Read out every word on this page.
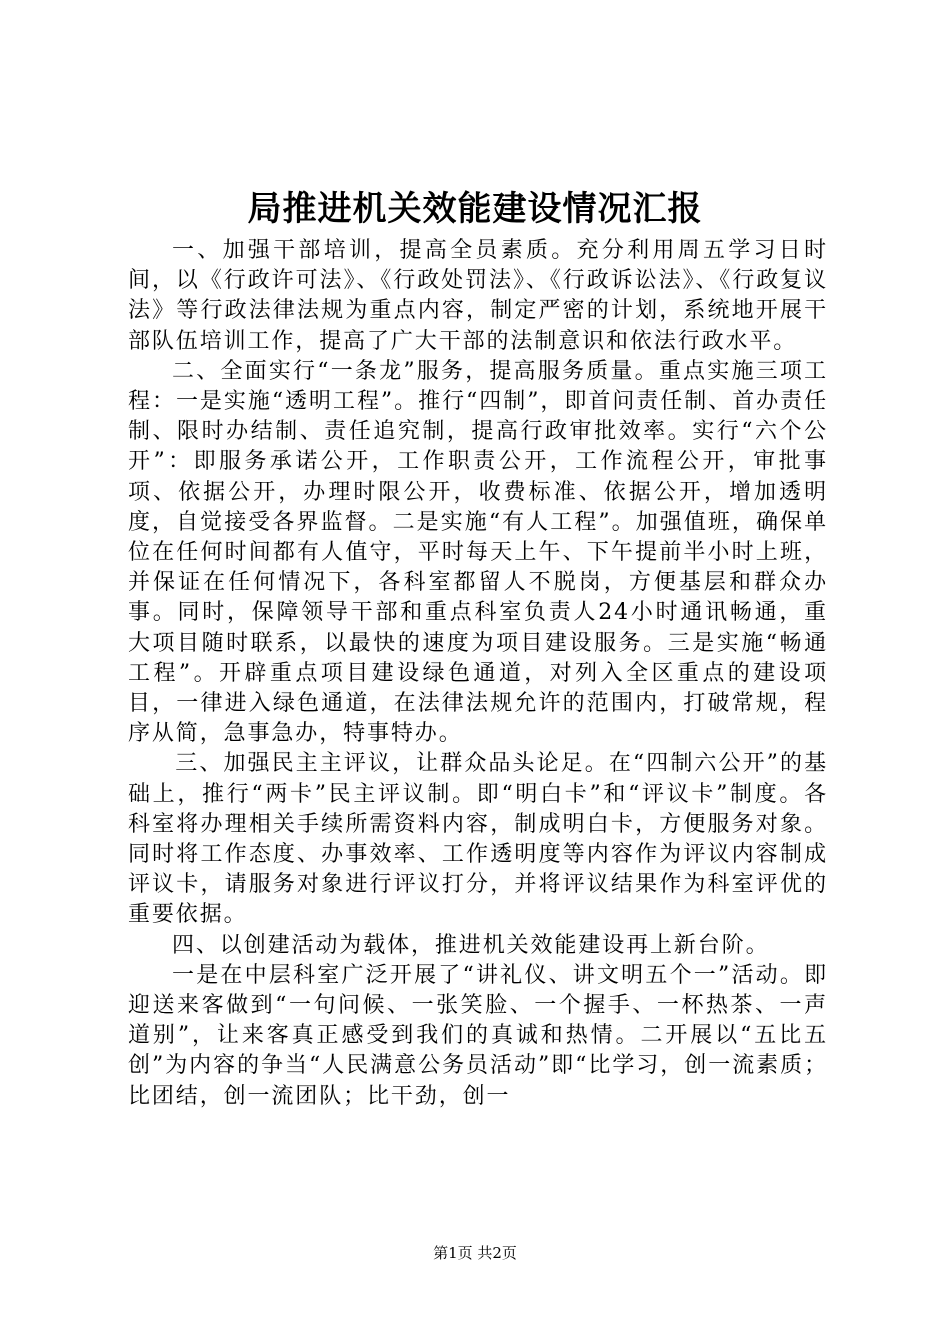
局推进机关效能建设情况汇报

一、加强干部培训，提高全员素质。充分利用周五学习日时间，以《行政许可法》、《行政处罚法》、《行政诉讼法》、《行政复议法》等行政法律法规为重点内容，制定严密的计划，系统地开展干部队伍培训工作，提高了广大干部的法制意识和依法行政水平。

二、全面实行“一条龙”服务，提高服务质量。重点实施三项工程：一是实施“透明工程”。推行“四制”，即首问责任制、首办责任制、限时办结制、责任追究制，提高行政审批效率。实行“六个公开”：即服务承诺公开，工作职责公开，工作流程公开，审批事项、依据公开，办理时限公开，收费标准、依据公开，增加透明度，自觉接受各界监督。二是实施“有人工程”。加强值班，确保单位在任何时间都有人值守，平时每天上午、下午提前半小时上班，并保证在任何情况下，各科室都留人不脱岗，方便基层和群众办事。同时，保障领导干部和重点科室负责人24小时通讯畅通，重大项目随时联系，以最快的速度为项目建设服务。三是实施“畅通工程”。开辟重点项目建设绿色通道，对列入全区重点的建设项目，一律进入绿色通道，在法律法规允许的范围内，打破常规，程序从简，急事急办，特事特办。

三、加强民主主评议，让群众品头论足。在“四制六公开”的基础上，推行“两卡”民主评议制。即“明白卡”和“评议卡”制度。各科室将办理相关手续所需资料内容，制成明白卡，方便服务对象。同时将工作态度、办事效率、工作透明度等内容作为评议内容制成评议卡，请服务对象进行评议打分，并将评议结果作为科室评优的重要依据。

四、以创建活动为载体，推进机关效能建设再上新台阶。

一是在中层科室广泛开展了“讲礼仪、讲文明五个一”活动。即迎送来客做到“一句问候、一张笑脸、一个握手、一杯热茶、一声道别”，让来客真正感受到我们的真诚和热情。二开展以“五比五创”为内容的争当“人民满意公务员活动”即“比学习，创一流素质；比团结，创一流团队；比干劲，创一

第1页 共2页
